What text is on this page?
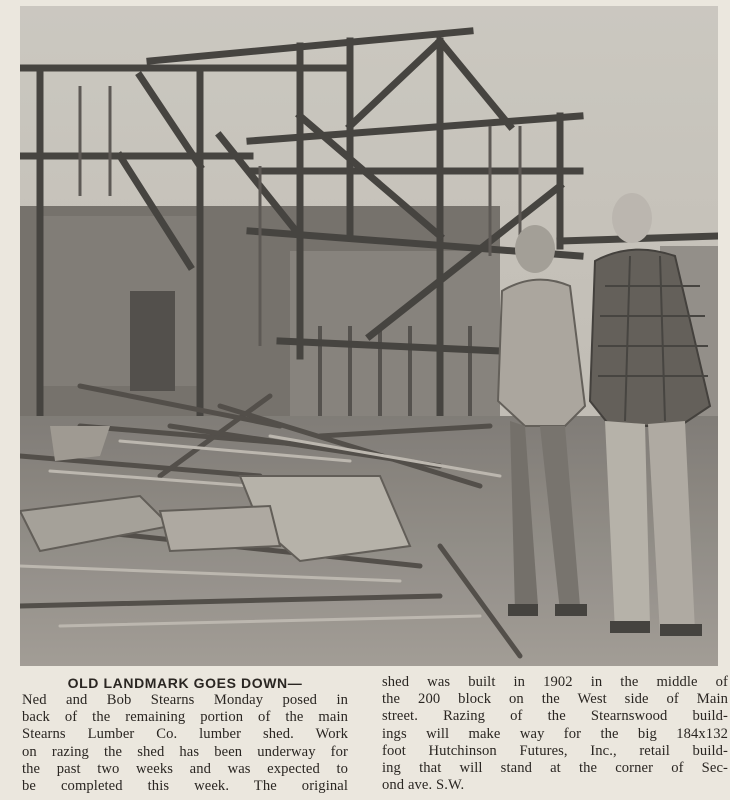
OLD LANDMARK GOES DOWN—
Ned and Bob Stearns Monday posed in
back of the remaining portion of the main
Stearns Lumber Co. lumber shed. Work
on razing the shed has been underway for
the past two weeks and was expected to
be completed this week. The original
shed was built in 1902 in the middle of
the 200 block on the West side of Main
street. Razing of the Stearnswood build-
ings will make way for the big 184x132
foot Hutchinson Futures, Inc., retail build-
ing that will stand at the corner of Sec-
ond ave. S.W.
